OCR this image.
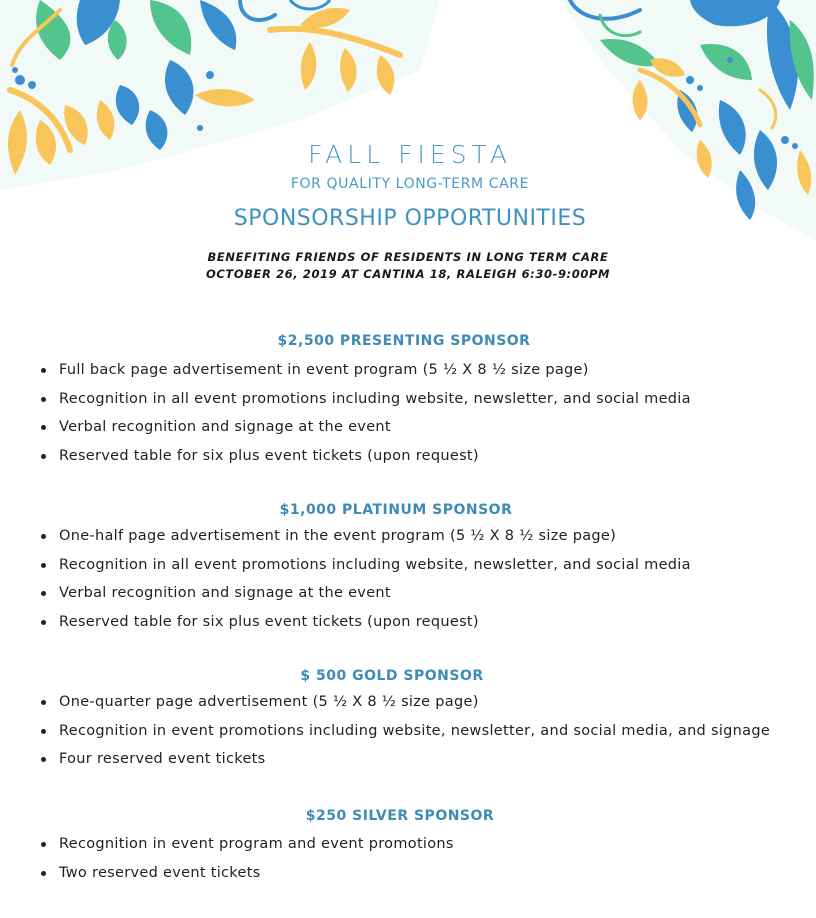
FALL FIESTA
FOR QUALITY LONG-TERM CARE
SPONSORSHIP OPPORTUNITIES
BENEFITING FRIENDS OF RESIDENTS IN LONG TERM CARE
OCTOBER 26, 2019 AT CANTINA 18, RALEIGH 6:30-9:00PM
$2,500 PRESENTING SPONSOR
Full back page advertisement in event program (5 ½ X 8 ½ size page)
Recognition in all event promotions including website, newsletter, and social media
Verbal recognition and signage at the event
Reserved table for six plus event tickets (upon request)
$1,000 PLATINUM SPONSOR
One-half page advertisement in the event program (5 ½ X 8 ½ size page)
Recognition in all event promotions including website, newsletter, and social media
Verbal recognition and signage at the event
Reserved table for six plus event tickets (upon request)
$ 500 GOLD SPONSOR
One-quarter page advertisement (5 ½ X 8 ½ size page)
Recognition in event promotions including website, newsletter, and social media, and signage
Four reserved event tickets
$250 SILVER SPONSOR
Recognition in event program and event promotions
Two reserved event tickets
